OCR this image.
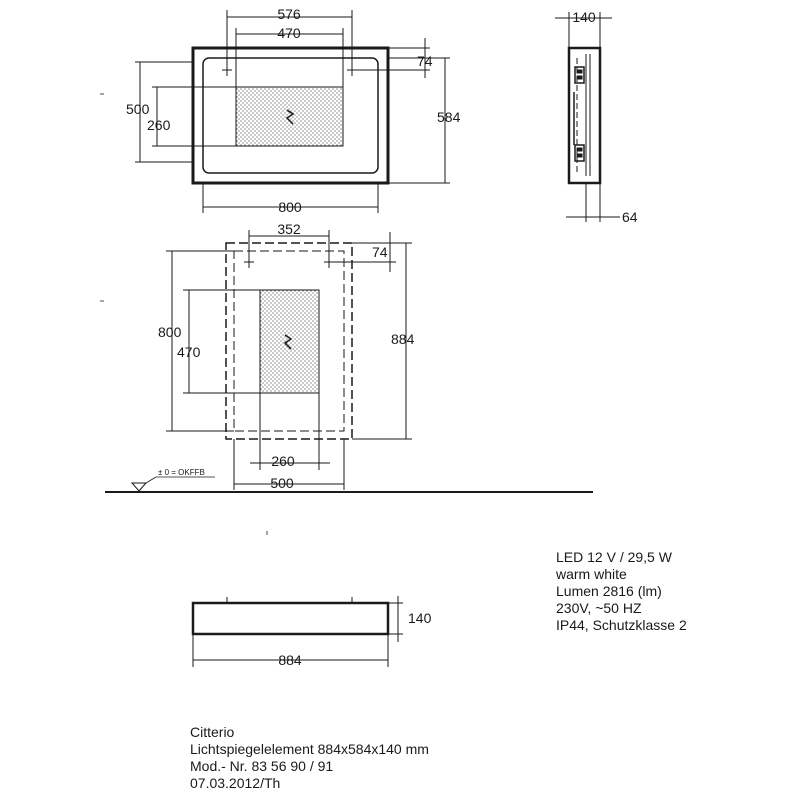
576
470
74
500
260	584
800
140
64
352
74
800
470
884
260
500
± 0 = OKFFB
140
884
LED 12 V / 29,5 W
warm white
Lumen 2816 (lm)
230V, ~50 HZ
IP44, Schutzklasse 2
Citterio
Lichtspiegelelement 884x584x140 mm
Mod.- Nr. 83 56 90 / 91
07.03.2012/Th
